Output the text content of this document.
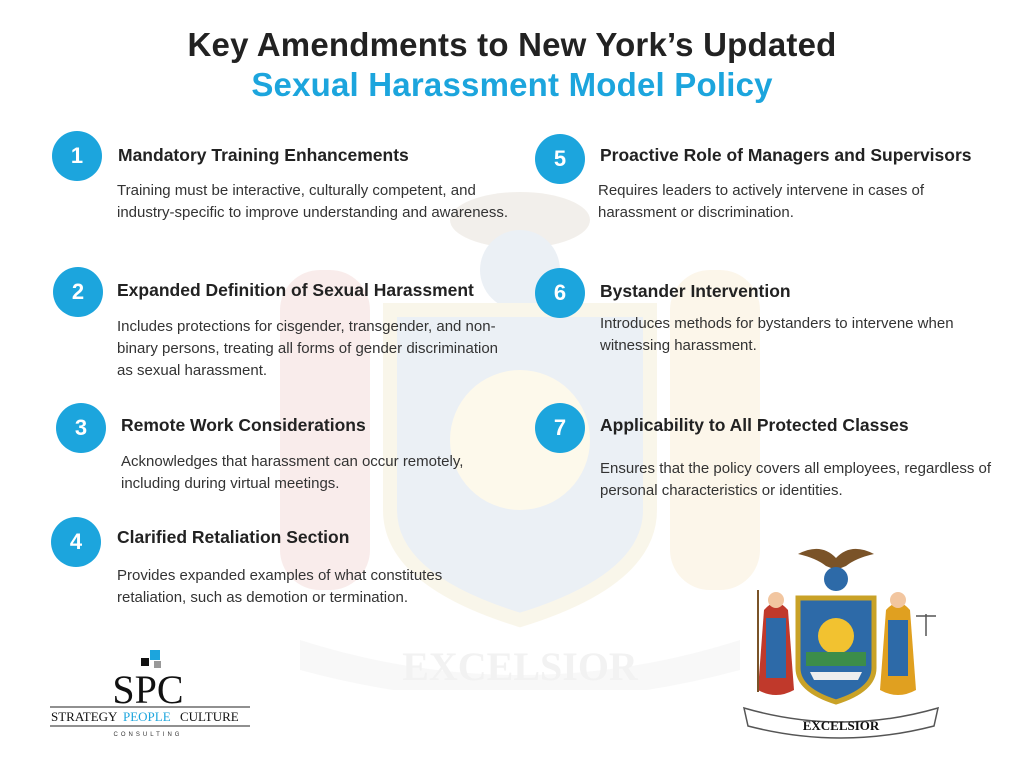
EXCELSIOR
Key Amendments to New York’s Updated
Sexual Harassment Model Policy
1	Mandatory Training Enhancements
Training must be interactive, culturally competent, and industry-specific to improve understanding and awareness.
2	Expanded Definition of Sexual Harassment
Includes protections for cisgender, transgender, and non-binary persons, treating all forms of gender discrimination as sexual harassment.
3	Remote Work Considerations
Acknowledges that harassment can occur remotely, including during virtual meetings.
4	Clarified Retaliation Section
Provides expanded examples of what constitutes retaliation, such as demotion or termination.
5	Proactive Role of Managers and Supervisors
Requires leaders to actively intervene in cases of harassment or discrimination.
6	Bystander Intervention
Introduces methods for bystanders to intervene when witnessing harassment.
7	Applicability to All Protected Classes
Ensures that the policy covers all employees, regardless of personal characteristics or identities.
SPC
STRATEGY PEOPLE CULTURE
CONSULTING
EXCELSIOR
